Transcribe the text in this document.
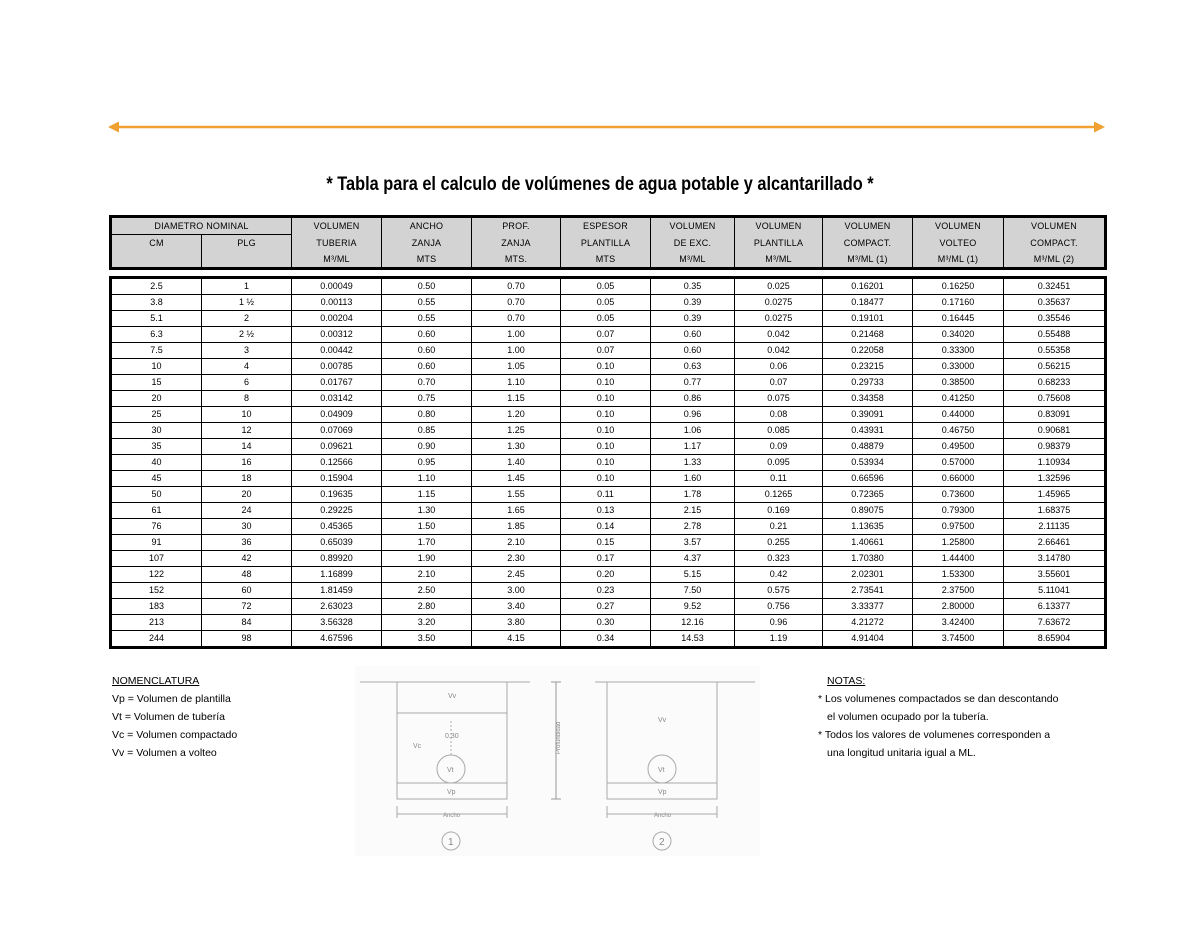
* Tabla para el calculo de volúmenes de agua potable y alcantarillado *
DIAMETRO NOMINAL		VOLUMEN	ANCHO	PROF.	ESPESOR	VOLUMEN	VOLUMEN	VOLUMEN	VOLUMEN	VOLUMEN
CM	PLG	TUBERIA	ZANJA	ZANJA	PLANTILLA	DE EXC.	PLANTILLA	COMPACT.	VOLTEO	COMPACT.
		M³/ML	MTS	MTS.	MTS	M³/ML	M³/ML	M³/ML (1)	M³/ML (1)	M³/ML (2)
2.5	1	0.00049	0.50	0.70	0.05	0.35	0.025	0.16201	0.16250	0.32451
3.8	1 ½	0.00113	0.55	0.70	0.05	0.39	0.0275	0.18477	0.17160	0.35637
5.1	2	0.00204	0.55	0.70	0.05	0.39	0.0275	0.19101	0.16445	0.35546
6.3	2 ½	0.00312	0.60	1.00	0.07	0.60	0.042	0.21468	0.34020	0.55488
7.5	3	0.00442	0.60	1.00	0.07	0.60	0.042	0.22058	0.33300	0.55358
10	4	0.00785	0.60	1.05	0.10	0.63	0.06	0.23215	0.33000	0.56215
15	6	0.01767	0.70	1.10	0.10	0.77	0.07	0.29733	0.38500	0.68233
20	8	0.03142	0.75	1.15	0.10	0.86	0.075	0.34358	0.41250	0.75608
25	10	0.04909	0.80	1.20	0.10	0.96	0.08	0.39091	0.44000	0.83091
30	12	0.07069	0.85	1.25	0.10	1.06	0.085	0.43931	0.46750	0.90681
35	14	0.09621	0.90	1.30	0.10	1.17	0.09	0.48879	0.49500	0.98379
40	16	0.12566	0.95	1.40	0.10	1.33	0.095	0.53934	0.57000	1.10934
45	18	0.15904	1.10	1.45	0.10	1.60	0.11	0.66596	0.66000	1.32596
50	20	0.19635	1.15	1.55	0.11	1.78	0.1265	0.72365	0.73600	1.45965
61	24	0.29225	1.30	1.65	0.13	2.15	0.169	0.89075	0.79300	1.68375
76	30	0.45365	1.50	1.85	0.14	2.78	0.21	1.13635	0.97500	2.11135
91	36	0.65039	1.70	2.10	0.15	3.57	0.255	1.40661	1.25800	2.66461
107	42	0.89920	1.90	2.30	0.17	4.37	0.323	1.70380	1.44400	3.14780
122	48	1.16899	2.10	2.45	0.20	5.15	0.42	2.02301	1.53300	3.55601
152	60	1.81459	2.50	3.00	0.23	7.50	0.575	2.73541	2.37500	5.11041
183	72	2.63023	2.80	3.40	0.27	9.52	0.756	3.33377	2.80000	6.13377
213	84	3.56328	3.20	3.80	0.30	12.16	0.96	4.21272	3.42400	7.63672
244	98	4.67596	3.50	4.15	0.34	14.53	1.19	4.91404	3.74500	8.65904
NOMENCLATURA
Vp = Volumen de plantilla
Vt = Volumen de tubería
Vc = Volumen compactado
Vv = Volumen a volteo
Vv
Vc
0.30
Vt
Vp
Ancho
1
Profundidad
Vv
Vt
Vp
Ancho
2
NOTAS:
* Los volumenes compactados se dan descontando
el volumen ocupado por la tubería.
* Todos los valores de volumenes corresponden a
una longitud unitaria igual a ML.
